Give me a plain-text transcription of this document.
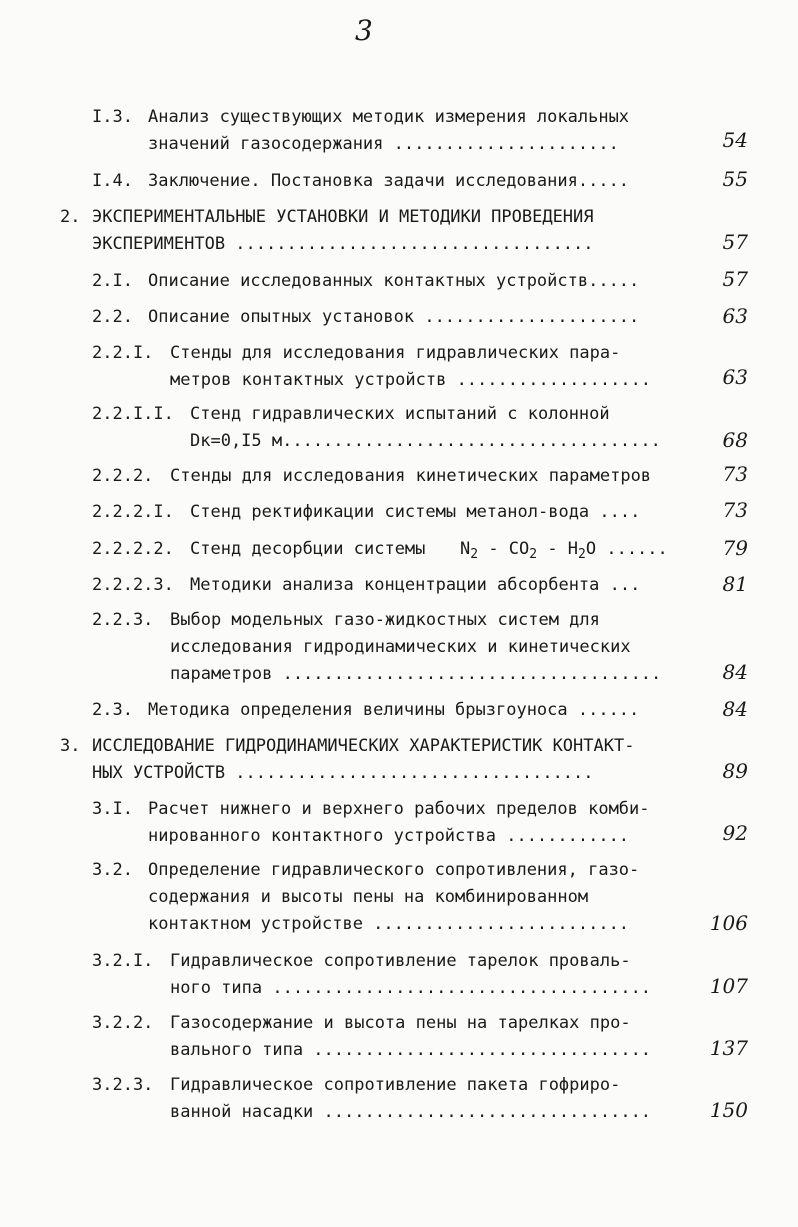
3
I.3. Анализ существующих методик измерения локальных
значений газосодержания ......................	54
I.4. Заключение. Постановка задачи исследования.....	55
2. ЭКСПЕРИМЕНТАЛЬНЫЕ УСТАНОВКИ И МЕТОДИКИ ПРОВЕДЕНИЯ
ЭКСПЕРИМЕНТОВ ...................................	57
2.I. Описание исследованных контактных устройств.....	57
2.2. Описание опытных установок .....................	63
2.2.I. Стенды для исследования гидравлических пара-
метров контактных устройств ...................	63
2.2.I.I. Стенд гидравлических испытаний с колонной
Dк=0,I5 м.....................................	68
2.2.2. Стенды для исследования кинетических параметров	73
2.2.2.I. Стенд ректификации системы метанол-вода ....	73
2.2.2.2. Стенд десорбции системы $N_2 - CO_2 - H_2O$ ......	79
2.2.2.3. Методики анализа концентрации абсорбента ...	81
2.2.3. Выбор модельных газо-жидкостных систем для
исследования гидродинамических и кинетических
параметров .....................................	84
2.3. Методика определения величины брызгоуноса ......	84
3. ИССЛЕДОВАНИЕ ГИДРОДИНАМИЧЕСКИХ ХАРАКТЕРИСТИК КОНТАКТ-
НЫХ УСТРОЙСТВ ...................................	89
3.I. Расчет нижнего и верхнего рабочих пределов комби-
нированного контактного устройства ............	92
3.2. Определение гидравлического сопротивления, газо-
содержания и высоты пены на комбинированном
контактном устройстве .........................	106
3.2.I. Гидравлическое сопротивление тарелок проваль-
ного типа .....................................	107
3.2.2. Газосодержание и высота пены на тарелках про-
вального типа .................................	137
3.2.3. Гидравлическое сопротивление пакета гофриро-
ванной насадки ................................	150
